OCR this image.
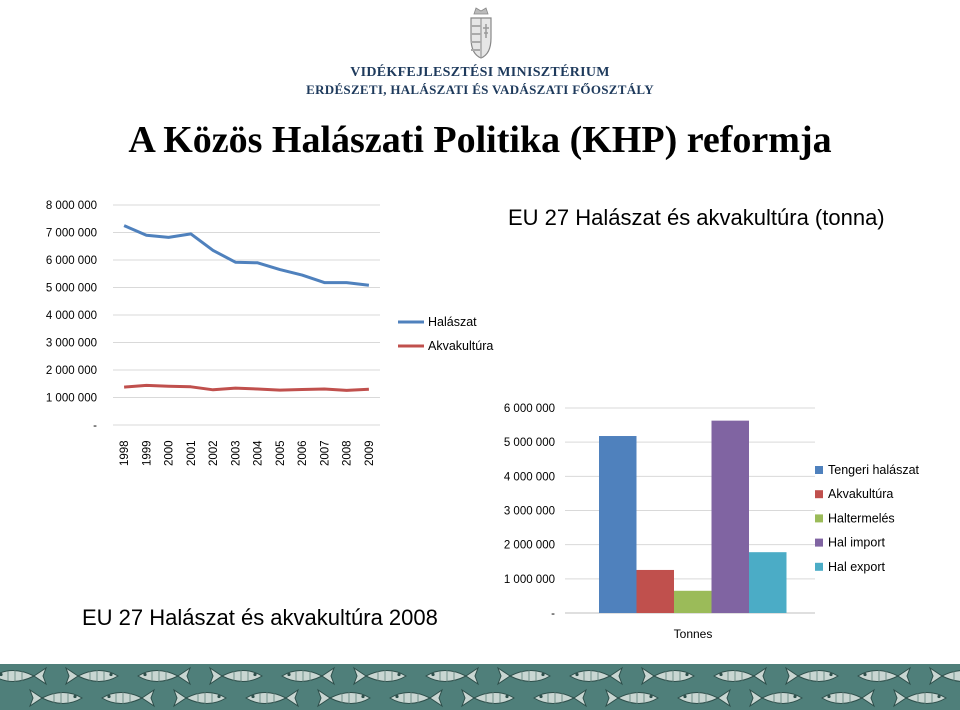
VIDÉKFEJLESZTÉSI MINISZTÉRIUM
ERDÉSZETI, HALÁSZATI ÉS VADÁSZATI FŐOSZTÁLY
A Közös Halászati Politika (KHP) reformja
-
1 000 000
2 000 000
3 000 000
4 000 000
5 000 000
6 000 000
7 000 000
8 000 000
1998 1999 2000 2001 2002 2003 2004 2005 2006 2007 2008 2009
Halászat
Akvakultúra
EU 27 Halászat és akvakultúra (tonna)
-
1 000 000
2 000 000
3 000 000
4 000 000
5 000 000
6 000 000
Tonnes
Tengeri halászat
Akvakultúra
Haltermelés
Hal import
Hal export
EU 27 Halászat és akvakultúra 2008
